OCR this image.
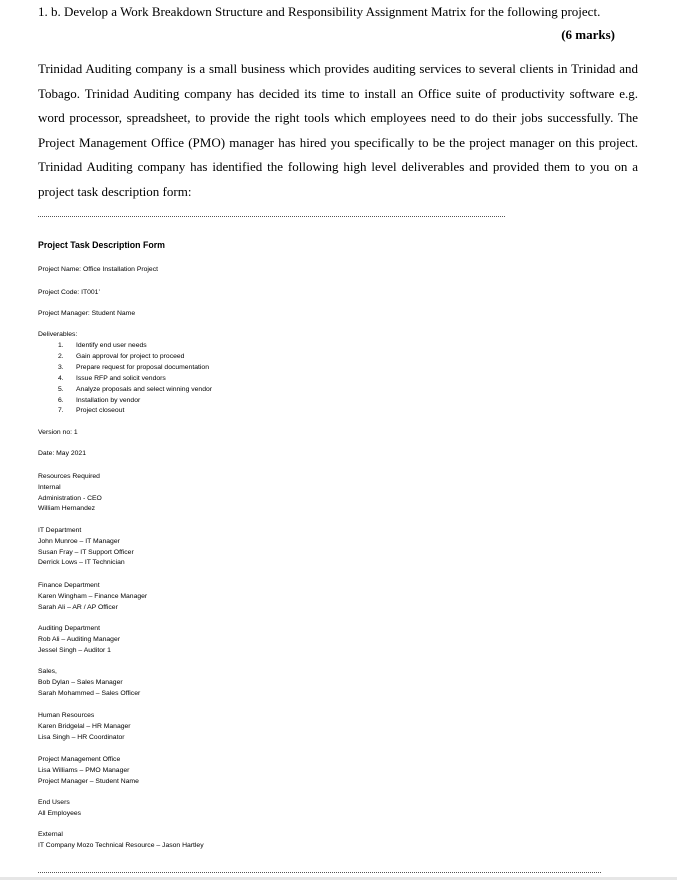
1. b. Develop a Work Breakdown Structure and Responsibility Assignment Matrix for the following project.
(6 marks)

Trinidad Auditing company is a small business which provides auditing services to several clients in Trinidad and Tobago. Trinidad Auditing company has decided its time to install an Office suite of productivity software e.g. word processor, spreadsheet, to provide the right tools which employees need to do their jobs successfully. The Project Management Office (PMO) manager has hired you specifically to be the project manager on this project. Trinidad Auditing company has identified the following high level deliverables and provided them to you on a project task description form:

Project Task Description Form
Project Name: Office Installation Project
Project Code: IT001’
Project Manager: Student Name
Deliverables:
1. Identify end user needs
2. Gain approval for project to proceed
3. Prepare request for proposal documentation
4. Issue RFP and solicit vendors
5. Analyze proposals and select winning vendor
6. Installation by vendor
7. Project closeout
Version no: 1
Date: May 2021
Resources Required
Internal
Administration - CEO
William Hernandez
IT Department
John Munroe – IT Manager
Susan Fray – IT Support Officer
Derrick Lows – IT Technician
Finance Department
Karen Wingham – Finance Manager
Sarah Ali – AR / AP Officer
Auditing Department
Rob Ali – Auditing Manager
Jessel Singh – Auditor 1
Sales,
Bob Dylan – Sales Manager
Sarah Mohammed – Sales Officer
Human Resources
Karen Bridgelal – HR Manager
Lisa Singh – HR Coordinator
Project Management Office
Lisa Williams – PMO Manager
Project Manager – Student Name
End Users
All Employees
External
IT Company Mozo Technical Resource – Jason Hartley
